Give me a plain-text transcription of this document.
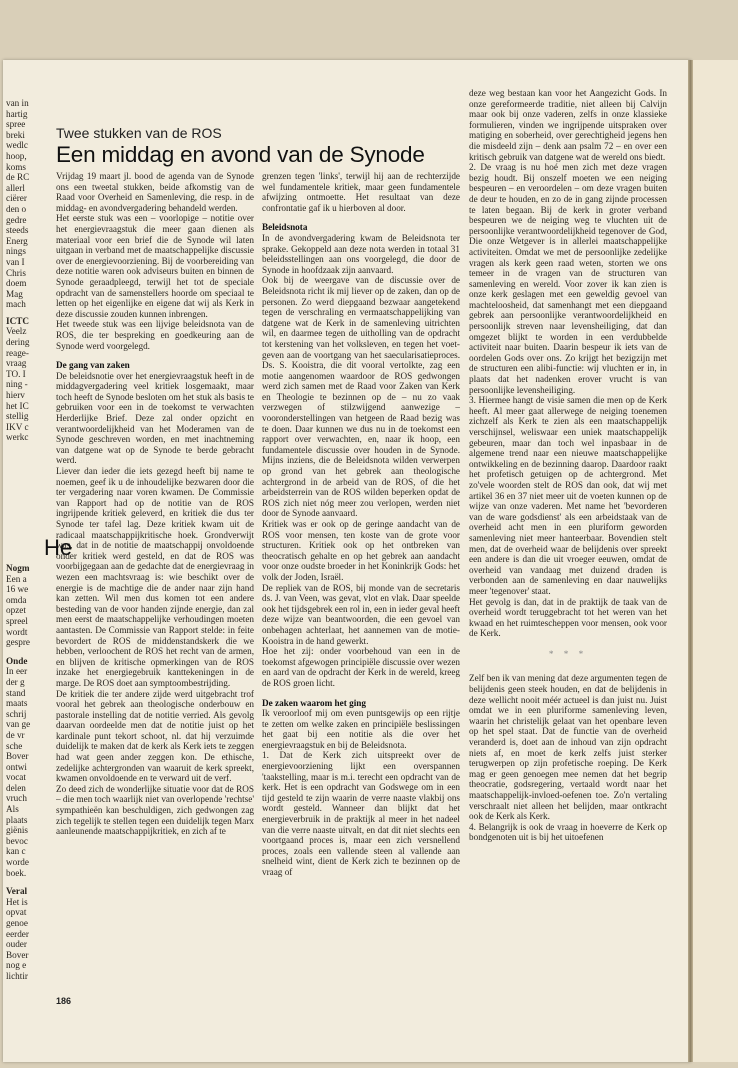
Twee stukken van de ROS
Een middag en avond van de Synode

Vrijdag 19 maart jl. bood de agenda van de Synode ons een tweetal stukken, beide afkomstig van de Raad voor Overheid en Samenleving, die resp. in de middag- en avondvergadering behandeld werden.

Het eerste stuk was een – voorlopige – notitie over het energievraagstuk die meer gaan dienen als materiaal voor een brief die de Synode wil laten uitgaan in verband met de maatschappelijke discussie over de energievoorziening. Bij de voorbereiding van deze notitie waren ook adviseurs buiten en binnen de Synode geraadpleegd, terwijl het tot de speciale opdracht van de samenstellers hoorde om speciaal te letten op het eigenlijke en eigene dat wij als Kerk in deze discussie zouden kunnen inbrengen.

Het tweede stuk was een lijvige beleidsnota van de ROS, die ter bespreking en goedkeuring aan de Synode werd voorgelegd.

De gang van zaken

De beleidsnotie over het energievraagstuk heeft in de middagvergadering veel kritiek losgemaakt, maar toch heeft de Synode besloten om het stuk als basis te gebruiken voor een in de toekomst te verwachten Herderlijke Brief. Deze zal onder opzicht en verantwoordelijkheid van het Moderamen van de Synode geschreven worden, en met inachtneming van datgene wat op de Synode te berde gebracht werd.

Liever dan ieder die iets gezegd heeft bij name te noemen, geef ik u de inhoudelijke bezwaren door die ter vergadering naar voren kwamen. De Commissie van Rapport had op de notitie van de ROS ingrijpende kritiek geleverd, en kritiek die dus ter Synode ter tafel lag. Deze kritiek kwam uit de radicaal maatschappijkritische hoek. Grondverwijt was, dat in de notitie de maatschappij onvoldoende onder kritiek werd gesteld, en dat de ROS was voorbijgegaan aan de gedachte dat de energievraag in wezen een machtsvraag is: wie beschikt over de energie is de machtige die de ander naar zijn hand kan zetten. Wil men dus komen tot een andere besteding van de voor handen zijnde energie, dan zal men eerst de maatschappelijke verhoudingen moeten aantasten. De Commissie van Rapport stelde: in feite bevordert de ROS de middenstandskerk die we hebben, verloochent de ROS het recht van de armen, en blijven de kritische opmerkingen van de ROS inzake het energiegebruik kanttekeningen in de marge. De ROS doet aan symptoombestrijding.

De kritiek die ter andere zijde werd uitgebracht trof vooral het gebrek aan theologische onderbouw en pastorale instelling dat de notitie verried. Als gevolg daarvan oordeelde men dat de notitie juist op het kardinale punt tekort schoot, nl. dat hij verzuimde duidelijk te maken dat de kerk als Kerk iets te zeggen had wat geen ander zeggen kon. De ethische, zedelijke achtergronden van waaruit de kerk spreekt, kwamen onvoldoende en te verward uit de verf.

Zo deed zich de wonderlijke situatie voor dat de ROS – die men toch waarlijk niet van overlopende 'rechtse' sympathieën kan beschuldigen, zich gedwongen zag zich tegelijk te stellen tegen een duidelijk tegen Marx aanleunende maatschappijkritiek, en zich af te

grenzen tegen 'links', terwijl hij aan de rechterzijde wel fundamentele kritiek, maar geen fundamentele afwijzing ontmoette. Het resultaat van deze confrontatie gaf ik u hierboven al door.

Beleidsnota

In de avondvergadering kwam de Beleidsnota ter sprake. Gekoppeld aan deze nota werden in totaal 31 beleidsstellingen aan ons voorgelegd, die door de Synode in hoofdzaak zijn aanvaard.

Ook bij de weergave van de discussie over de Beleidsnota richt ik mij liever op de zaken, dan op de personen. Zo werd diepgaand bezwaar aangetekend tegen de verschraling en vermaatschappelijking van datgene wat de Kerk in de samenleving uitrichten wil, en daarmee tegen de uitholling van de opdracht tot kerstening van het volksleven, en tegen het voet-geven aan de voortgang van het saecularisatieproces. Ds. S. Kooistra, die dit vooral vertolkte, zag een motie aangenomen waardoor de ROS gedwongen werd zich samen met de Raad voor Zaken van Kerk en Theologie te bezinnen op de – nu zo vaak verzwegen of stilzwijgend aanwezige – vooronderstellingen van hetgeen de Raad bezig was te doen. Daar kunnen we dus nu in de toekomst een rapport over verwachten, en, naar ik hoop, een fundamentele discussie over houden in de Synode. Mijns inziens, die de Beleidsnota wilden verwerpen op grond van het gebrek aan theologische achtergrond in de arbeid van de ROS, of die het arbeidsterrein van de ROS wilden beperken opdat de ROS zich niet nóg meer zou verlopen, werden niet door de Synode aanvaard.

Kritiek was er ook op de geringe aandacht van de ROS voor mensen, ten koste van de grote voor structuren. Kritiek ook op het ontbreken van theocratisch gehalte en op het gebrek aan aandacht voor onze oudste broeder in het Koninkrijk Gods: het volk der Joden, Israël.

De repliek van de ROS, bij monde van de secretaris ds. J. van Veen, was gevat, vlot en vlak. Daar speelde ook het tijdsgebrek een rol in, een in ieder geval heeft deze wijze van beantwoorden, die een gevoel van onbehagen achterlaat, het aannemen van de motie-Kooistra in de hand gewerkt.

Hoe het zij: onder voorbehoud van een in de toekomst afgewogen principiële discussie over wezen en aard van de opdracht der Kerk in de wereld, kreeg de ROS groen licht.

De zaken waarom het ging

Ik veroorloof mij om even puntsgewijs op een rijtje te zetten om welke zaken en principiële beslissingen het gaat bij een notitie als die over het energievraagstuk en bij de Beleidsnota.

1. Dat de Kerk zich uitspreekt over de energievoorziening lijkt een overspannen 'taakstelling, maar is m.i. terecht een opdracht van de kerk. Het is een opdracht van Godswege om in een tijd gesteld te zijn waarin de verre naaste vlakbij ons wordt gesteld. Wanneer dan blijkt dat het energieverbruik in de praktijk al meer in het nadeel van die verre naaste uitvalt, en dat dit niet slechts een voortgaand proces is, maar een zich versnellend proces, zoals een vallende steen al vallende aan snelheid wint, dient de Kerk zich te bezinnen op de vraag of

deze weg bestaan kan voor het Aangezicht Gods. In onze gereformeerde traditie, niet alleen bij Calvijn maar ook bij onze vaderen, zelfs in onze klassieke formulieren, vinden we ingrijpende uitspraken over matiging en soberheid, over gerechtigheid jegens hen die misdeeld zijn – denk aan psalm 72 – en over een kritisch gebruik van datgene wat de wereld ons biedt.

2. De vraag is nu hoé men zich met deze vragen bezig houdt. Bij onszelf moeten we een neiging bespeuren – en veroordelen – om deze vragen buiten de deur te houden, en zo de in gang zijnde processen te laten begaan. Bij de kerk in groter verband bespeuren we de neiging weg te vluchten uit de persoonlijke verantwoordelijkheid tegenover de God, Die onze Wetgever is in allerlei maatschappelijke activiteiten. Omdat we met de persoonlijke zedelijke vragen als kerk geen raad weten, storten we ons temeer in de vragen van de structuren van samenleving en wereld. Voor zover ik kan zien is onze kerk geslagen met een geweldig gevoel van machteloosheid, dat samenhangt met een diepgaand gebrek aan persoonlijke verantwoordelijkheid en persoonlijk streven naar levensheiliging, dat dan omgezet blijkt te worden in een verdubbelde activiteit naar buiten. Daarin bespeur ik iets van de oordelen Gods over ons. Zo krijgt het bezigzijn met de structuren een alibi-functie: wij vluchten er in, in plaats dat het nadenken erover vrucht is van persoonlijke levensheiliging.

3. Hiermee hangt de visie samen die men op de Kerk heeft. Al meer gaat allerwege de neiging toenemen zichzelf als Kerk te zien als een maatschappelijk verschijnsel, weliswaar een uniek maatschappelijk gebeuren, maar dan toch wel inpasbaar in de algemene trend naar een nieuwe maatschappelijke ontwikkeling en de bezinning daarop. Daardoor raakt het profetisch getuigen op de achtergrond. Met zo'vele woorden stelt de ROS dan ook, dat wij met artikel 36 en 37 niet meer uit de voeten kunnen op de wijze van onze vaderen. Met name het 'bevorderen van de ware godsdienst' als een arbeidstaak van de overheid acht men in een pluriform geworden samenleving niet meer hanteerbaar. Bovendien stelt men, dat de overheid waar de belijdenis over spreekt een andere is dan die uit vroeger eeuwen, omdat de overheid van vandaag met duizend draden is verbonden aan de samenleving en daar nauwelijks meer 'tegenover' staat.

Het gevolg is dan, dat in de praktijk de taak van de overheid wordt teruggebracht tot het weren van het kwaad en het ruimtescheppen voor mensen, ook voor de Kerk.

* * *

Zelf ben ik van mening dat deze argumenten tegen de belijdenis geen steek houden, en dat de belijdenis in deze wellicht nooit méér actueel is dan juist nu. Juist omdat we in een pluriforme samenleving leven, waarin het christelijk gelaat van het openbare leven op het spel staat. Dat de functie van de overheid veranderd is, doet aan de inhoud van zijn opdracht niets af, en moet de kerk zelfs juist sterker terugwerpen op zijn profetische roeping. De Kerk mag er geen genoegen mee nemen dat het begrip theocratie, godsregering, vertaald wordt naar het maatschappelijk-invloed-oefenen toe. Zo'n vertaling verschraalt niet alleen het belijden, maar ontkracht ook de Kerk als Kerk.

4. Belangrijk is ook de vraag in hoeverre de Kerk op bondgenoten uit is bij het uitoefenen

186
van in
hartig
spree
breki
wedlc
hoop,
koms
de RC
allerl
ciërer
den o
gedre
steeds
Energ
nings
van I
Chris
doem
Mag
mach
ICTC
Veelz
dering
reage-
vraag
TO. I
ning -
hierv
het IC
stellig
IKV c
werkc
He
Nogm
Een a
16 we
omda
opzet
spreel
wordt
gespre
Onde
In eer
der g
stand
maats
schrij
van ge
de vr
sche
Bover
ontwi
vocat
delen
vruch
Als
plaats
giënis
bevoc
kan c
worde
boek.
Veral
Het is
opvat
genoe
eerder
ouder
Bover
nog e
lichtir
